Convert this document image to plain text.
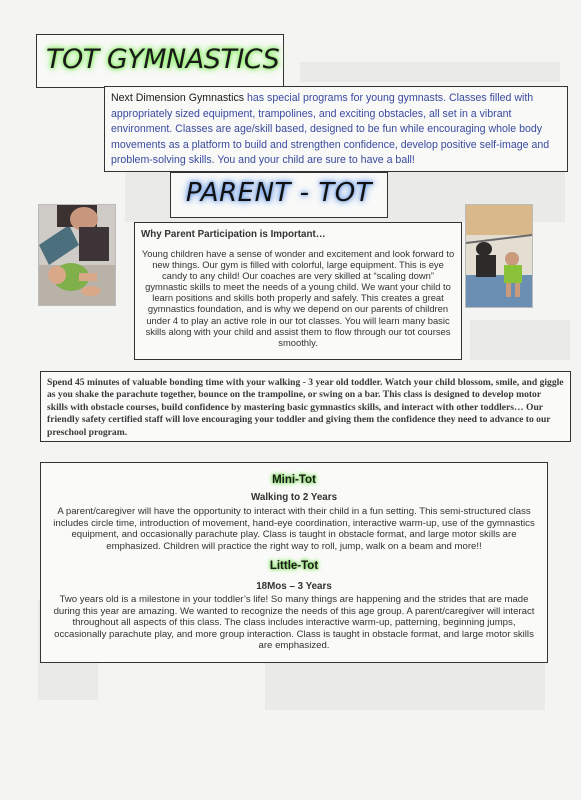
TOT GYMNASTICS
Next Dimension Gymnastics has special programs for young gymnasts. Classes filled with appropriately sized equipment, trampolines, and exciting obstacles, all set in a vibrant environment. Classes are age/skill based, designed to be fun while encouraging whole body movements as a platform to build and strengthen confidence, develop positive self-image and problem-solving skills. You and your child are sure to have a ball!
PARENT - TOT
Why Parent Participation is Important…
Young children have a sense of wonder and excitement and look forward to new things. Our gym is filled with colorful, large equipment. This is eye candy to any child! Our coaches are very skilled at “scaling down” gymnastic skills to meet the needs of a young child. We want your child to learn positions and skills both properly and safely. This creates a great gymnastics foundation, and is why we depend on our parents of children under 4 to play an active role in our tot classes. You will learn many basic skills along with your child and assist them to flow through our tot courses smoothly.
Spend 45 minutes of valuable bonding time with your walking - 3 year old toddler. Watch your child blossom, smile, and giggle as you shake the parachute together, bounce on the trampoline, or swing on a bar. This class is designed to develop motor skills with obstacle courses, build confidence by mastering basic gymnastics skills, and interact with other toddlers… Our friendly safety certified staff will love encouraging your toddler and giving them the confidence they need to advance to our preschool program.
Mini-Tot
Walking to 2 Years
A parent/caregiver will have the opportunity to interact with their child in a fun setting. This semi-structured class includes circle time, introduction of movement, hand-eye coordination, interactive warm-up, use of the gymnastics equipment, and occasionally parachute play. Class is taught in obstacle format, and large motor skills are emphasized. Children will practice the right way to roll, jump, walk on a beam and more!!
Little-Tot
18Mos – 3 Years
Two years old is a milestone in your toddler’s life! So many things are happening and the strides that are made during this year are amazing. We wanted to recognize the needs of this age group. A parent/caregiver will interact throughout all aspects of this class. The class includes interactive warm-up, patterning, beginning jumps, occasionally parachute play, and more group interaction. Class is taught in obstacle format, and large motor skills are emphasized.
